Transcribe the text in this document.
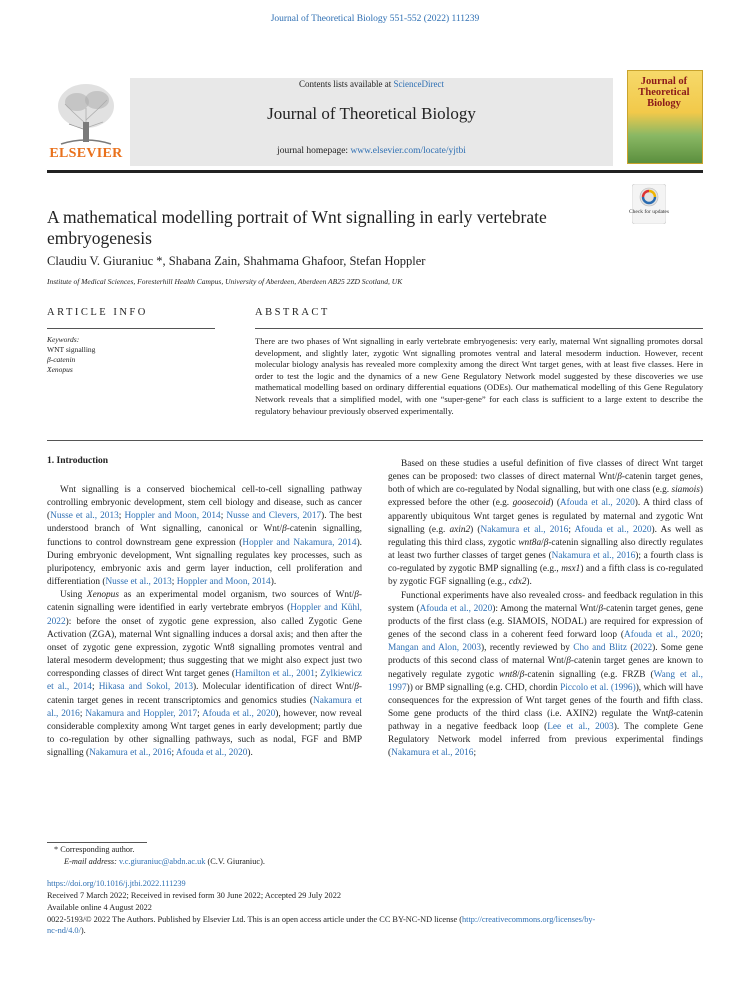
Journal of Theoretical Biology 551-552 (2022) 111239
ELSEVIER
Contents lists available at ScienceDirect
Journal of Theoretical Biology
journal homepage: www.elsevier.com/locate/yjtbi
Journal of Theoretical Biology
Check for updates
A mathematical modelling portrait of Wnt signalling in early vertebrate embryogenesis
Claudiu V. Giuraniuc *, Shabana Zain, Shahmama Ghafoor, Stefan Hoppler
Institute of Medical Sciences, Foresterhill Health Campus, University of Aberdeen, Aberdeen AB25 2ZD Scotland, UK
ARTICLE INFO
Keywords:
WNT signalling
β-catenin
Xenopus
ABSTRACT
There are two phases of Wnt signalling in early vertebrate embryogenesis: very early, maternal Wnt signalling promotes dorsal development, and slightly later, zygotic Wnt signalling promotes ventral and lateral mesoderm induction. However, recent molecular biology analysis has revealed more complexity among the direct Wnt target genes, with at least five classes. Here in order to test the logic and the dynamics of a new Gene Regulatory Network model suggested by these discoveries we use mathematical modelling based on ordinary differential equations (ODEs). Our mathematical modelling of this Gene Regulatory Network reveals that a simplified model, with one “super-gene” for each class is sufficient to a large extent to describe the regulatory behaviour previously observed experimentally.
1. Introduction

Wnt signalling is a conserved biochemical cell-to-cell signalling pathway controlling embryonic development, stem cell biology and disease, such as cancer (Nusse et al., 2013; Hoppler and Moon, 2014; Nusse and Clevers, 2017). The best understood branch of Wnt signalling, canonical or Wnt/β-catenin signalling, functions to control downstream gene expression (Hoppler and Nakamura, 2014). During embryonic development, Wnt signalling regulates key processes, such as pluripotency, embryonic axis and germ layer induction, cell proliferation and differentiation (Nusse et al., 2013; Hoppler and Moon, 2014).

Using Xenopus as an experimental model organism, two sources of Wnt/β-catenin signalling were identified in early vertebrate embryos (Hoppler and Kühl, 2022): before the onset of zygotic gene expression, also called Zygotic Gene Activation (ZGA), maternal Wnt signalling induces a dorsal axis; and then after the onset of zygotic gene expression, zygotic Wnt8 signalling promotes ventral and lateral mesoderm development; thus suggesting that we might also expect just two corresponding classes of direct Wnt target genes (Hamilton et al., 2001; Zylkiewicz et al., 2014; Hikasa and Sokol, 2013). Molecular identification of direct Wnt/β-catenin target genes in recent transcriptomics and genomics studies (Nakamura et al., 2016; Nakamura and Hoppler, 2017; Afouda et al., 2020), however, now reveal considerable complexity among Wnt target genes in early development; partly due to co-regulation by other signalling pathways, such as nodal, FGF and BMP signalling (Nakamura et al., 2016; Afouda et al., 2020).

Based on these studies a useful definition of five classes of direct Wnt target genes can be proposed: two classes of direct maternal Wnt/β-catenin target genes, both of which are co-regulated by Nodal signalling, but with one class (e.g. siamois) expressed before the other (e.g. goosecoid) (Afouda et al., 2020). A third class of apparently ubiquitous Wnt target genes is regulated by maternal and zygotic Wnt signalling (e.g. axin2) (Nakamura et al., 2016; Afouda et al., 2020). As well as regulating this third class, zygotic wnt8a/β-catenin signalling also directly regulates at least two further classes of target genes (Nakamura et al., 2016); a fourth class is co-regulated by zygotic BMP signalling (e.g., msx1) and a fifth class is co-regulated by zygotic FGF signalling (e.g., cdx2).

Functional experiments have also revealed cross- and feedback regulation in this system (Afouda et al., 2020): Among the maternal Wnt/β-catenin target genes, gene products of the first class (e.g. SIAMOIS, NODAL) are required for expression of genes of the second class in a coherent feed forward loop (Afouda et al., 2020; Mangan and Alon, 2003), recently reviewed by Cho and Blitz (2022). Some gene products of this second class of maternal Wnt/β-catenin target genes are known to negatively regulate zygotic wnt8/β-catenin signalling (e.g. FRZB (Wang et al., 1997)) or BMP signalling (e.g. CHD, chordin Piccolo et al. (1996)), which will have consequences for the expression of Wnt target genes of the fourth and fifth class. Some gene products of the third class (i.e. AXIN2) regulate the Wntβ-catenin pathway in a negative feedback loop (Lee et al., 2003). The complete Gene Regulatory Network model inferred from previous experimental findings (Nakamura et al., 2016;

* Corresponding author.
E-mail address: v.c.giuraniuc@abdn.ac.uk (C.V. Giuraniuc).
https://doi.org/10.1016/j.jtbi.2022.111239
Received 7 March 2022; Received in revised form 30 June 2022; Accepted 29 July 2022
Available online 4 August 2022
0022-5193/© 2022 The Authors. Published by Elsevier Ltd. This is an open access article under the CC BY-NC-ND license (http://creativecommons.org/licenses/by-
nc-nd/4.0/).
